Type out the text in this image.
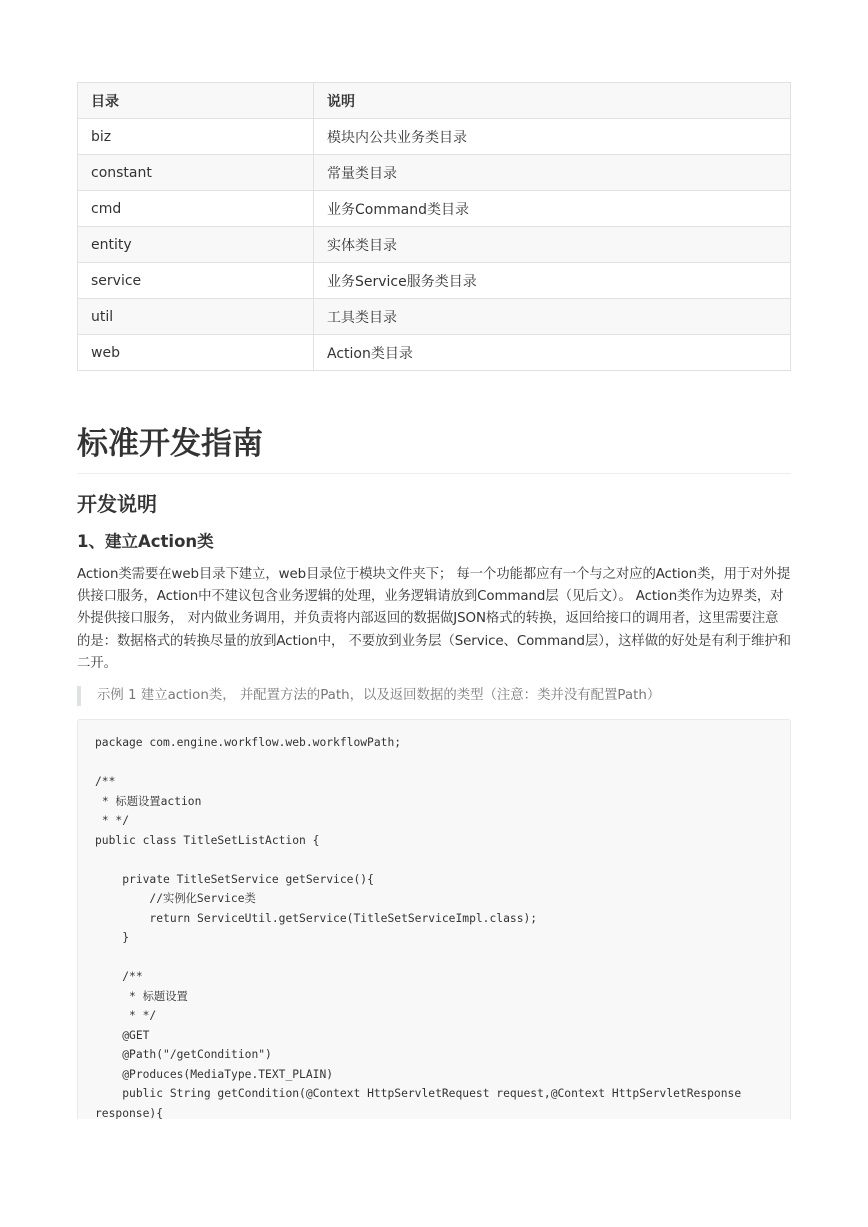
目录	说明
biz	模块内公共业务类目录
constant	常量类目录
cmd	业务Command类目录
entity	实体类目录
service	业务Service服务类目录
util	工具类目录
web	Action类目录
标准开发指南
开发说明
1、建立Action类

Action类需要在web目录下建立，web目录位于模块文件夹下； 每一个功能都应有一个与之对应的Action类，用于对外提供接口服务，Action中不建议包含业务逻辑的处理，业务逻辑请放到Command层（见后文）。 Action类作为边界类，对外提供接口服务， 对内做业务调用，并负责将内部返回的数据做JSON格式的转换，返回给接口的调用者，这里需要注意的是：数据格式的转换尽量的放到Action中， 不要放到业务层（Service、Command层），这样做的好处是有利于维护和二开。

示例 1 建立action类， 并配置方法的Path，以及返回数据的类型（注意：类并没有配置Path）
package com.engine.workflow.web.workflowPath;

/**
* 标题设置action
* */
public class TitleSetListAction {

private TitleSetService getService(){
//实例化Service类
return ServiceUtil.getService(TitleSetServiceImpl.class);
}

/**
* 标题设置
* */
@GET
@Path("/getCondition")
@Produces(MediaType.TEXT_PLAIN)
public String getCondition(@Context HttpServletRequest request,@Context HttpServletResponse response){
